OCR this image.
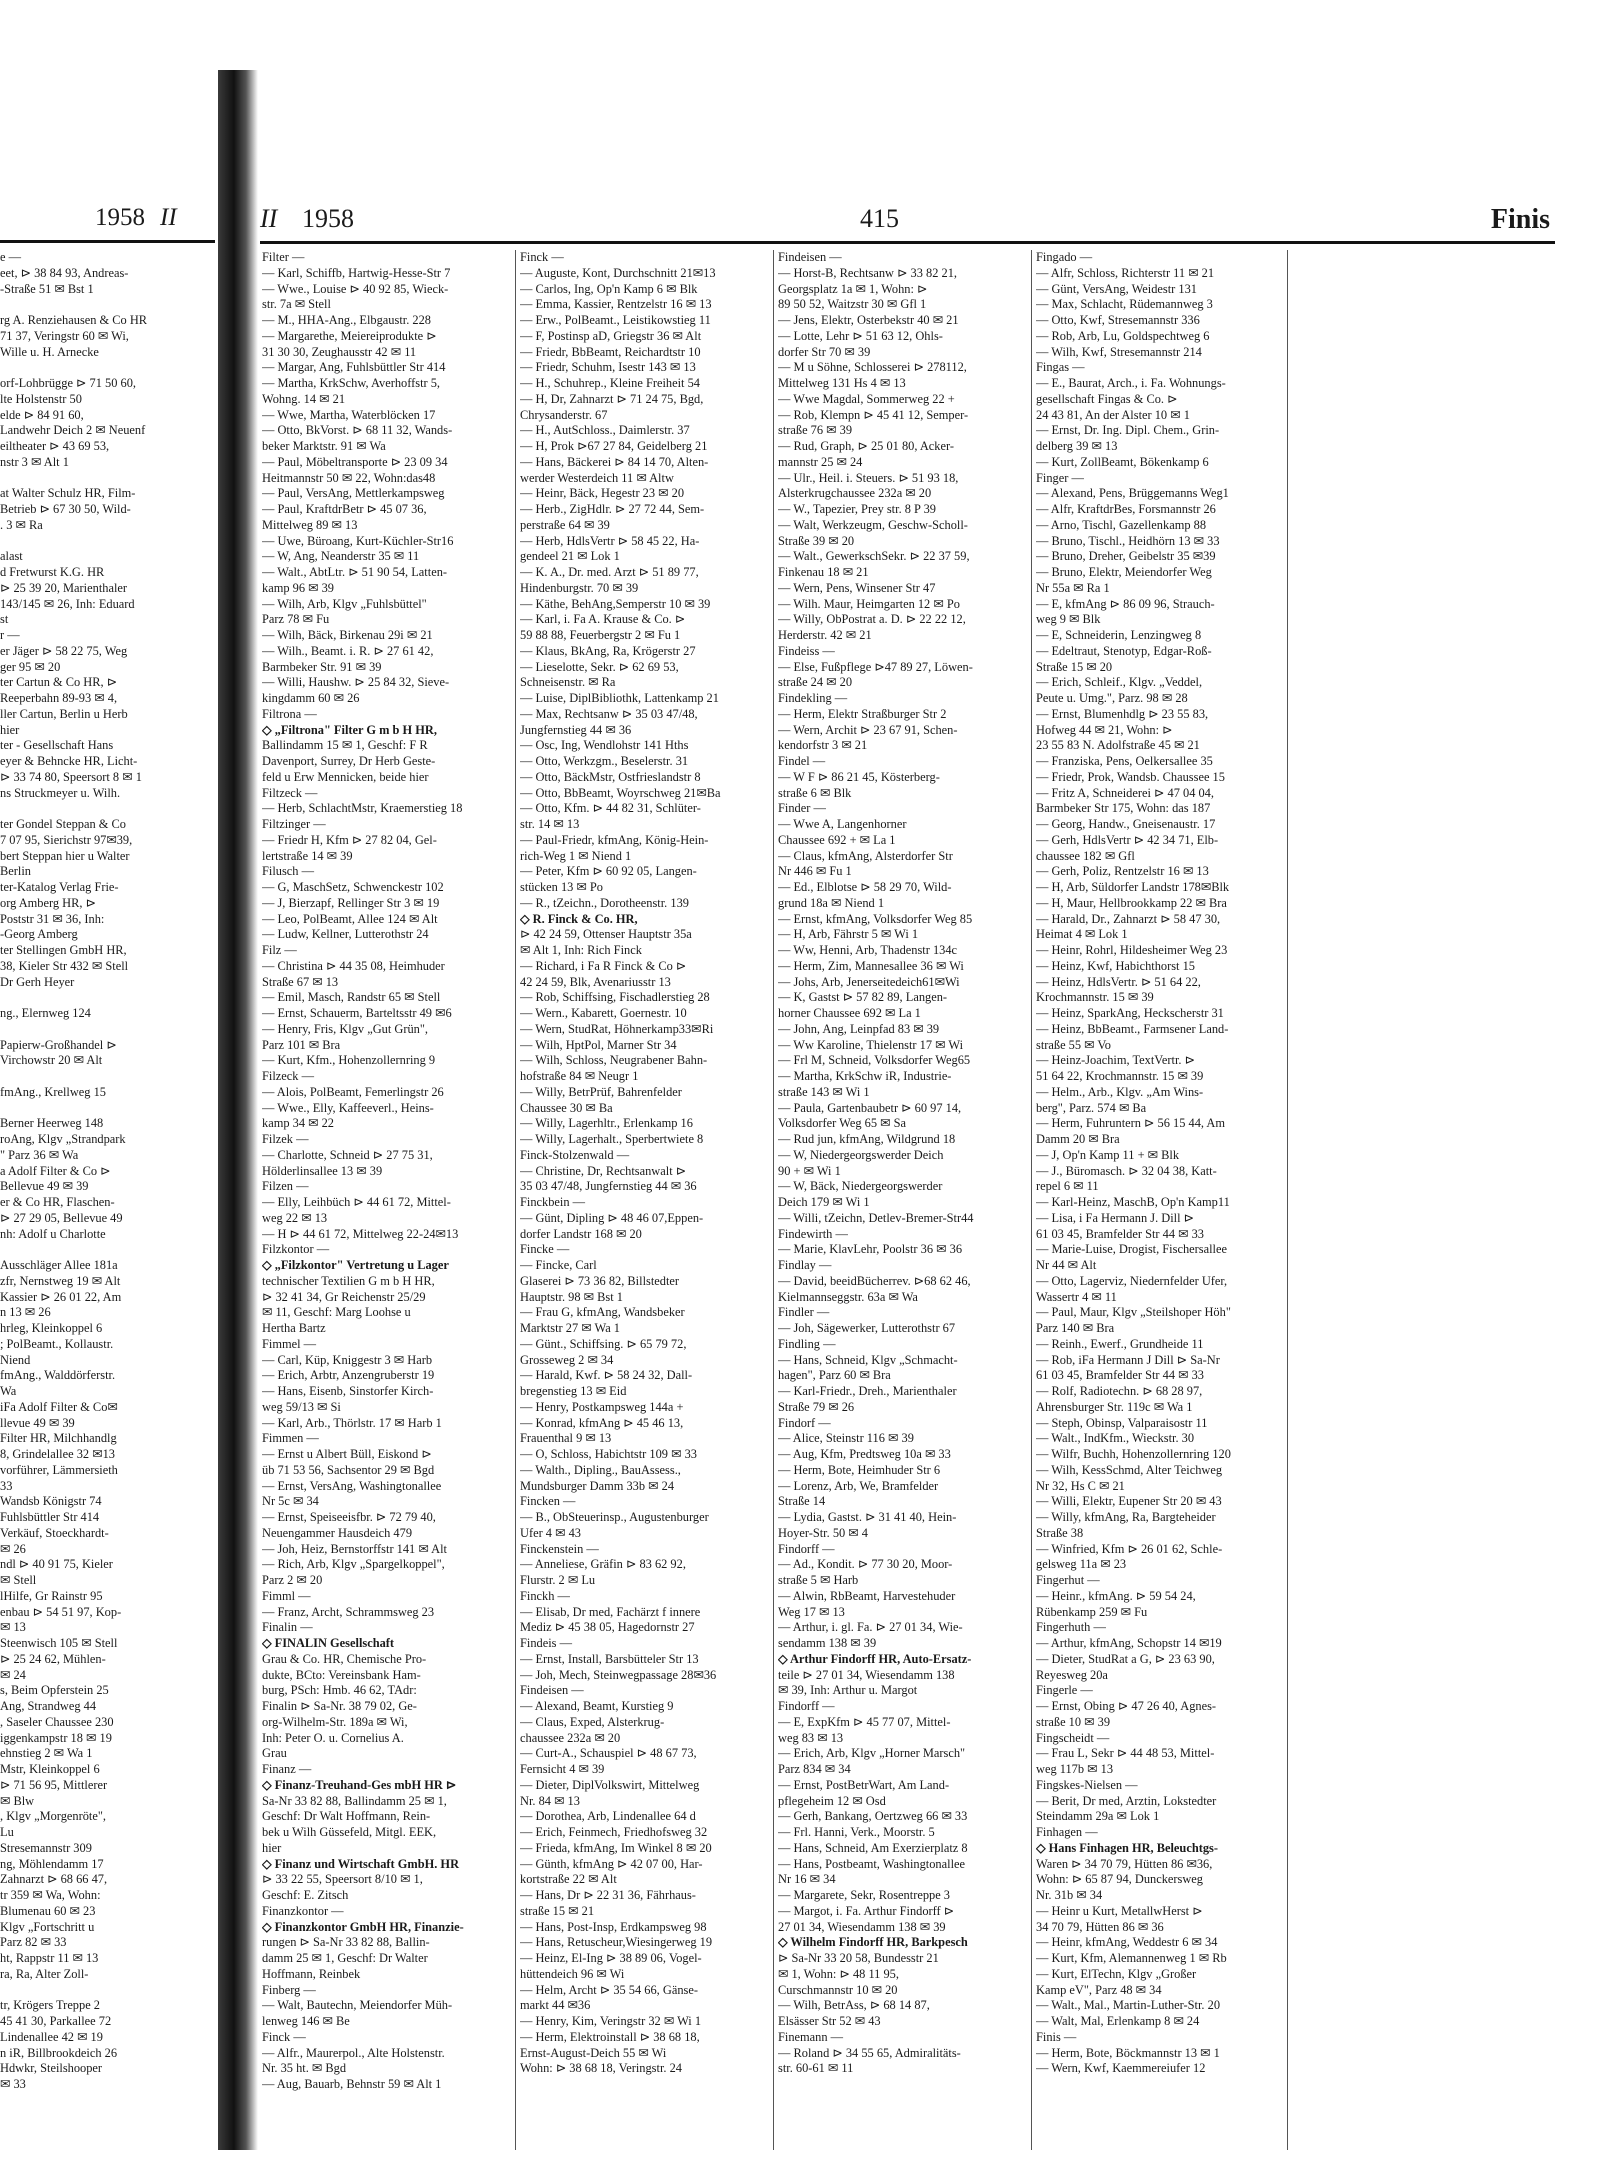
1958 II
e —
eet, ⊳ 38 84 93, Andreas-
-Straße 51 ✉ Bst 1
rg A. Renziehausen & Co HR
71 37, Veringstr 60 ✉ Wi,
Wille u. H. Arnecke
orf-Lohbrügge ⊳ 71 50 60,
lte Holstenstr 50
elde ⊳ 84 91 60,
Landwehr Deich 2 ✉ Neuenf
eiltheater ⊳ 43 69 53,
nstr 3 ✉ Alt 1
at Walter Schulz HR, Film-
Betrieb ⊳ 67 30 50, Wild-
. 3 ✉ Ra
alast
d Fretwurst K.G. HR
⊳ 25 39 20, Marienthaler
143/145 ✉ 26, Inh: Eduard
st
r —
er Jäger ⊳ 58 22 75, Weg
ger 95 ✉ 20
ter Cartun & Co HR, ⊳
Reeperbahn 89-93 ✉ 4,
ller Cartun, Berlin u Herb
hier
ter - Gesellschaft Hans
eyer & Behncke HR, Licht-
⊳ 33 74 80, Speersort 8 ✉ 1
ns Struckmeyer u. Wilh.
ter Gondel Steppan & Co
7 07 95, Sierichstr 97✉39,
bert Steppan hier u Walter
Berlin
ter-Katalog Verlag Frie-
org Amberg HR, ⊳
Poststr 31 ✉ 36, Inh:
-Georg Amberg
ter Stellingen GmbH HR,
38, Kieler Str 432 ✉ Stell
Dr Gerh Heyer
ng., Elernweg 124
Papierw-Großhandel ⊳
Virchowstr 20 ✉ Alt
fmAng., Krellweg 15
Berner Heerweg 148
roAng, Klgv „Strandpark
" Parz 36 ✉ Wa
a Adolf Filter & Co ⊳
Bellevue 49 ✉ 39
er & Co HR, Flaschen-
⊳ 27 29 05, Bellevue 49
nh: Adolf u Charlotte
Ausschläger Allee 181a
zfr, Nernstweg 19 ✉ Alt
Kassier ⊳ 26 01 22, Am
n 13 ✉ 26
hrleg, Kleinkoppel 6
; PolBeamt., Kollaustr.
Niend
fmAng., Walddörferstr.
Wa
iFa Adolf Filter & Co✉
llevue 49 ✉ 39
Filter HR, Milchhandlg
8, Grindelallee 32 ✉13
vorführer, Lämmersieth
33
Wandsb Königstr 74
Fuhlsbüttler Str 414
Verkäuf, Stoeckhardt-
✉ 26
ndl ⊳ 40 91 75, Kieler
✉ Stell
lHilfe, Gr Rainstr 95
enbau ⊳ 54 51 97, Kop-
✉ 13
Steenwisch 105 ✉ Stell
⊳ 25 24 62, Mühlen-
✉ 24
s, Beim Opferstein 25
Ang, Strandweg 44
, Saseler Chaussee 230
iggenkampstr 18 ✉ 19
ehnstieg 2 ✉ Wa 1
Mstr, Kleinkoppel 6
⊳ 71 56 95, Mittlerer
✉ Blw
, Klgv „Morgenröte",
Lu
Stresemannstr 309
ng, Möhlendamm 17
Zahnarzt ⊳ 68 66 47,
tr 359 ✉ Wa, Wohn:
Blumenau 60 ✉ 23
Klgv „Fortschritt u
Parz 82 ✉ 33
ht, Rappstr 11 ✉ 13
ra, Ra, Alter Zoll-
tr, Krögers Treppe 2
45 41 30, Parkallee 72
Lindenallee 42 ✉ 19
n iR, Billbrookdeich 26
Hdwkr, Steilshooper
✉ 33
II 1958	415	Finis
Filter —
— Karl, Schiffb, Hartwig-Hesse-Str 7
— Wwe., Louise ⊳ 40 92 85, Wieck-
str. 7a ✉ Stell
— M., HHA-Ang., Elbgaustr. 228
— Margarethe, Meiereiprodukte ⊳
31 30 30, Zeughausstr 42 ✉ 11
— Margar, Ang, Fuhlsbüttler Str 414
— Martha, KrkSchw, Averhoffstr 5,
Wohng. 14 ✉ 21
— Wwe, Martha, Waterblöcken 17
— Otto, BkVorst. ⊳ 68 11 32, Wands-
beker Marktstr. 91 ✉ Wa
— Paul, Möbeltransporte ⊳ 23 09 34
Heitmannstr 50 ✉ 22, Wohn:das48
— Paul, VersAng, Mettlerkampsweg
— Paul, KraftdrBetr ⊳ 45 07 36,
Mittelweg 89 ✉ 13
— Uwe, Büroang, Kurt-Küchler-Str16
— W, Ang, Neanderstr 35 ✉ 11
— Walt., AbtLtr. ⊳ 51 90 54, Latten-
kamp 96 ✉ 39
— Wilh, Arb, Klgv „Fuhlsbüttel"
Parz 78 ✉ Fu
— Wilh, Bäck, Birkenau 29i ✉ 21
— Wilh., Beamt. i. R. ⊳ 27 61 42,
Barmbeker Str. 91 ✉ 39
— Willi, Haushw. ⊳ 25 84 32, Sieve-
kingdamm 60 ✉ 26
Filtrona —
◇ „Filtrona" Filter G m b H HR,
Ballindamm 15 ✉ 1, Geschf: F R
Davenport, Surrey, Dr Herb Geste-
feld u Erw Mennicken, beide hier
Filtzeck —
— Herb, SchlachtMstr, Kraemerstieg 18
Filtzinger —
— Friedr H, Kfm ⊳ 27 82 04, Gel-
lertstraße 14 ✉ 39
Filusch —
— G, MaschSetz, Schwenckestr 102
— J, Bierzapf, Rellinger Str 3 ✉ 19
— Leo, PolBeamt, Allee 124 ✉ Alt
— Ludw, Kellner, Lutterothstr 24
Filz —
— Christina ⊳ 44 35 08, Heimhuder
Straße 67 ✉ 13
— Emil, Masch, Randstr 65 ✉ Stell
— Ernst, Schauerm, Barteltsstr 49 ✉6
— Henry, Fris, Klgv „Gut Grün",
Parz 101 ✉ Bra
— Kurt, Kfm., Hohenzollernring 9
Filzeck —
— Alois, PolBeamt, Femerlingstr 26
— Wwe., Elly, Kaffeeverl., Heins-
kamp 34 ✉ 22
Filzek —
— Charlotte, Schneid ⊳ 27 75 31,
Hölderlinsallee 13 ✉ 39
Filzen —
— Elly, Leihbüch ⊳ 44 61 72, Mittel-
weg 22 ✉ 13
— H ⊳ 44 61 72, Mittelweg 22-24✉13
Filzkontor —
◇ „Filzkontor" Vertretung u Lager
technischer Textilien G m b H HR,
⊳ 32 41 34, Gr Reichenstr 25/29
✉ 11, Geschf: Marg Loohse u
Hertha Bartz
Fimmel —
— Carl, Küp, Kniggestr 3 ✉ Harb
— Erich, Arbtr, Anzengruberstr 19
— Hans, Eisenb, Sinstorfer Kirch-
weg 59/13 ✉ Si
— Karl, Arb., Thörlstr. 17 ✉ Harb 1
Fimmen —
— Ernst u Albert Büll, Eiskond ⊳
üb 71 53 56, Sachsentor 29 ✉ Bgd
— Ernst, VersAng, Washingtonallee
Nr 5c ✉ 34
— Ernst, Speiseeisfbr. ⊳ 72 79 40,
Neuengammer Hausdeich 479
— Joh, Heiz, Bernstorffstr 141 ✉ Alt
— Rich, Arb, Klgv „Spargelkoppel",
Parz 2 ✉ 20
Fimml —
— Franz, Archt, Schrammsweg 23
Finalin —
◇ FINALIN Gesellschaft
Grau & Co. HR, Chemische Pro-
dukte, BCto: Vereinsbank Ham-
burg, PSch: Hmb. 46 62, TAdr:
Finalin ⊳ Sa-Nr. 38 79 02, Ge-
org-Wilhelm-Str. 189a ✉ Wi,
Inh: Peter O. u. Cornelius A.
Grau
Finanz —
◇ Finanz-Treuhand-Ges mbH HR ⊳
Sa-Nr 33 82 88, Ballindamm 25 ✉ 1,
Geschf: Dr Walt Hoffmann, Rein-
bek u Wilh Güssefeld, Mitgl. EEK,
hier
◇ Finanz und Wirtschaft GmbH. HR
⊳ 33 22 55, Speersort 8/10 ✉ 1,
Geschf: E. Zitsch
Finanzkontor —
◇ Finanzkontor GmbH HR, Finanzie-
rungen ⊳ Sa-Nr 33 82 88, Ballin-
damm 25 ✉ 1, Geschf: Dr Walter
Hoffmann, Reinbek
Finberg —
— Walt, Bautechn, Meiendorfer Müh-
lenweg 146 ✉ Be
Finck —
— Alfr., Maurerpol., Alte Holstenstr.
Nr. 35 ht. ✉ Bgd
— Aug, Bauarb, Behnstr 59 ✉ Alt 1
Finck —
— Auguste, Kont, Durchschnitt 21✉13
— Carlos, Ing, Op'n Kamp 6 ✉ Blk
— Emma, Kassier, Rentzelstr 16 ✉ 13
— Erw., PolBeamt., Leistikowstieg 11
— F, Postinsp aD, Griegstr 36 ✉ Alt
— Friedr, BbBeamt, Reichardtstr 10
— Friedr, Schuhm, Isestr 143 ✉ 13
— H., Schuhrep., Kleine Freiheit 54
— H, Dr, Zahnarzt ⊳ 71 24 75, Bgd,
Chrysanderstr. 67
— H., AutSchloss., Daimlerstr. 37
— H, Prok ⊳67 27 84, Geidelberg 21
— Hans, Bäckerei ⊳ 84 14 70, Alten-
werder Westerdeich 11 ✉ Altw
— Heinr, Bäck, Hegestr 23 ✉ 20
— Herb., ZigHdlr. ⊳ 27 72 44, Sem-
perstraße 64 ✉ 39
— Herb, HdlsVertr ⊳ 58 45 22, Ha-
gendeel 21 ✉ Lok 1
— K. A., Dr. med. Arzt ⊳ 51 89 77,
Hindenburgstr. 70 ✉ 39
— Käthe, BehAng,Semperstr 10 ✉ 39
— Karl, i. Fa A. Krause & Co. ⊳
59 88 88, Feuerbergstr 2 ✉ Fu 1
— Klaus, BkAng, Ra, Krögerstr 27
— Lieselotte, Sekr. ⊳ 62 69 53,
Schneisenstr. ✉ Ra
— Luise, DiplBibliothk, Lattenkamp 21
— Max, Rechtsanw ⊳ 35 03 47/48,
Jungfernstieg 44 ✉ 36
— Osc, Ing, Wendlohstr 141 Hths
— Otto, Werkzgm., Beselerstr. 31
— Otto, BäckMstr, Ostfrieslandstr 8
— Otto, BbBeamt, Woyrschweg 21✉Ba
— Otto, Kfm. ⊳ 44 82 31, Schlüter-
str. 14 ✉ 13
— Paul-Friedr, kfmAng, König-Hein-
rich-Weg 1 ✉ Niend 1
— Peter, Kfm ⊳ 60 92 05, Langen-
stücken 13 ✉ Po
— R., tZeichn., Dorotheenstr. 139
◇ R. Finck & Co. HR,
⊳ 42 24 59, Ottenser Hauptstr 35a
✉ Alt 1, Inh: Rich Finck
— Richard, i Fa R Finck & Co ⊳
42 24 59, Blk, Avenariusstr 13
— Rob, Schiffsing, Fischadlerstieg 28
— Wern., Kabarett, Goernestr. 10
— Wern, StudRat, Höhnerkamp33✉Ri
— Wilh, HptPol, Marner Str 34
— Wilh, Schloss, Neugrabener Bahn-
hofstraße 84 ✉ Neugr 1
— Willy, BetrPrüf, Bahrenfelder
Chaussee 30 ✉ Ba
— Willy, Lagerhltr., Erlenkamp 16
— Willy, Lagerhalt., Sperbertwiete 8
Finck-Stolzenwald —
— Christine, Dr, Rechtsanwalt ⊳
35 03 47/48, Jungfernstieg 44 ✉ 36
Finckbein —
— Günt, Dipling ⊳ 48 46 07,Eppen-
dorfer Landstr 168 ✉ 20
Fincke —
— Fincke, Carl
Glaserei ⊳ 73 36 82, Billstedter
Hauptstr. 98 ✉ Bst 1
— Frau G, kfmAng, Wandsbeker
Marktstr 27 ✉ Wa 1
— Günt., Schiffsing. ⊳ 65 79 72,
Grosseweg 2 ✉ 34
— Harald, Kwf. ⊳ 58 24 32, Dall-
bregenstieg 13 ✉ Eid
— Henry, Postkampsweg 144a +
— Konrad, kfmAng ⊳ 45 46 13,
Frauenthal 9 ✉ 13
— O, Schloss, Habichtstr 109 ✉ 33
— Walth., Dipling., BauAssess.,
Mundsburger Damm 33b ✉ 24
Fincken —
— B., ObSteuerinsp., Augustenburger
Ufer 4 ✉ 43
Finckenstein —
— Anneliese, Gräfin ⊳ 83 62 92,
Flurstr. 2 ✉ Lu
Finckh —
— Elisab, Dr med, Fachärzt f innere
Mediz ⊳ 45 38 05, Hagedornstr 27
Findeis —
— Ernst, Install, Barsbütteler Str 13
— Joh, Mech, Steinwegpassage 28✉36
Findeisen —
— Alexand, Beamt, Kurstieg 9
— Claus, Exped, Alsterkrug-
chaussee 232a ✉ 20
— Curt-A., Schauspiel ⊳ 48 67 73,
Fernsicht 4 ✉ 39
— Dieter, DiplVolkswirt, Mittelweg
Nr. 84 ✉ 13
— Dorothea, Arb, Lindenallee 64 d
— Erich, Feinmech, Friedhofsweg 32
— Frieda, kfmAng, Im Winkel 8 ✉ 20
— Günth, kfmAng ⊳ 42 07 00, Har-
kortstraße 22 ✉ Alt
— Hans, Dr ⊳ 22 31 36, Fährhaus-
straße 15 ✉ 21
— Hans, Post-Insp, Erdkampsweg 98
— Hans, Retuscheur,Wiesingerweg 19
— Heinz, El-Ing ⊳ 38 89 06, Vogel-
hüttendeich 96 ✉ Wi
— Helm, Archt ⊳ 35 54 66, Gänse-
markt 44 ✉36
— Henry, Kim, Veringstr 32 ✉ Wi 1
— Herm, Elektroinstall ⊳ 38 68 18,
Ernst-August-Deich 55 ✉ Wi
Wohn: ⊳ 38 68 18, Veringstr. 24
Findeisen —
— Horst-B, Rechtsanw ⊳ 33 82 21,
Georgsplatz 1a ✉ 1, Wohn: ⊳
89 50 52, Waitzstr 30 ✉ Gfl 1
— Jens, Elektr, Osterbekstr 40 ✉ 21
— Lotte, Lehr ⊳ 51 63 12, Ohls-
dorfer Str 70 ✉ 39
— M u Söhne, Schlosserei ⊳ 278112,
Mittelweg 131 Hs 4 ✉ 13
— Wwe Magdal, Sommerweg 22 +
— Rob, Klempn ⊳ 45 41 12, Semper-
straße 76 ✉ 39
— Rud, Graph, ⊳ 25 01 80, Acker-
mannstr 25 ✉ 24
— Ulr., Heil. i. Steuers. ⊳ 51 93 18,
Alsterkrugchaussee 232a ✉ 20
— W., Tapezier, Prey str. 8 P 39
— Walt, Werkzeugm, Geschw-Scholl-
Straße 39 ✉ 20
— Walt., GewerkschSekr. ⊳ 22 37 59,
Finkenau 18 ✉ 21
— Wern, Pens, Winsener Str 47
— Wilh. Maur, Heimgarten 12 ✉ Po
— Willy, ObPostrat a. D. ⊳ 22 22 12,
Herderstr. 42 ✉ 21
Findeiss —
— Else, Fußpflege ⊳47 89 27, Löwen-
straße 24 ✉ 20
Findekling —
— Herm, Elektr Straßburger Str 2
— Wern, Archit ⊳ 23 67 91, Schen-
kendorfstr 3 ✉ 21
Findel —
— W F ⊳ 86 21 45, Kösterberg-
straße 6 ✉ Blk
Finder —
— Wwe A, Langenhorner
Chaussee 692 + ✉ La 1
— Claus, kfmAng, Alsterdorfer Str
Nr 446 ✉ Fu 1
— Ed., Elblotse ⊳ 58 29 70, Wild-
grund 18a ✉ Niend 1
— Ernst, kfmAng, Volksdorfer Weg 85
— H, Arb, Fährstr 5 ✉ Wi 1
— Ww, Henni, Arb, Thadenstr 134c
— Herm, Zim, Mannesallee 36 ✉ Wi
— Johs, Arb, Jenerseitedeich61✉Wi
— K, Gastst ⊳ 57 82 89, Langen-
horner Chaussee 692 ✉ La 1
— John, Ang, Leinpfad 83 ✉ 39
— Ww Karoline, Thielenstr 17 ✉ Wi
— Frl M, Schneid, Volksdorfer Weg65
— Martha, KrkSchw iR, Industrie-
straße 143 ✉ Wi 1
— Paula, Gartenbaubetr ⊳ 60 97 14,
Volksdorfer Weg 65 ✉ Sa
— Rud jun, kfmAng, Wildgrund 18
— W, Niedergeorgswerder Deich
90 + ✉ Wi 1
— W, Bäck, Niedergeorgswerder
Deich 179 ✉ Wi 1
— Willi, tZeichn, Detlev-Bremer-Str44
Findewirth —
— Marie, KlavLehr, Poolstr 36 ✉ 36
Findlay —
— David, beeidBücherrev. ⊳68 62 46,
Kielmannseggstr. 63a ✉ Wa
Findler —
— Joh, Sägewerker, Lutterothstr 67
Findling —
— Hans, Schneid, Klgv „Schmacht-
hagen", Parz 60 ✉ Bra
— Karl-Friedr., Dreh., Marienthaler
Straße 79 ✉ 26
Findorf —
— Alice, Steinstr 116 ✉ 39
— Aug, Kfm, Predtsweg 10a ✉ 33
— Herm, Bote, Heimhuder Str 6
— Lorenz, Arb, We, Bramfelder
Straße 14
— Lydia, Gastst. ⊳ 31 41 40, Hein-
Hoyer-Str. 50 ✉ 4
Findorff —
— Ad., Kondit. ⊳ 77 30 20, Moor-
straße 5 ✉ Harb
— Alwin, RbBeamt, Harvestehuder
Weg 17 ✉ 13
— Arthur, i. gl. Fa. ⊳ 27 01 34, Wie-
sendamm 138 ✉ 39
◇ Arthur Findorff HR, Auto-Ersatz-
teile ⊳ 27 01 34, Wiesendamm 138
✉ 39, Inh: Arthur u. Margot
Findorff —
— E, ExpKfm ⊳ 45 77 07, Mittel-
weg 83 ✉ 13
— Erich, Arb, Klgv „Horner Marsch"
Parz 834 ✉ 34
— Ernst, PostBetrWart, Am Land-
pflegeheim 12 ✉ Osd
— Gerh, Bankang, Oertzweg 66 ✉ 33
— Frl. Hanni, Verk., Moorstr. 5
— Hans, Schneid, Am Exerzierplatz 8
— Hans, Postbeamt, Washingtonallee
Nr 16 ✉ 34
— Margarete, Sekr, Rosentreppe 3
— Margot, i. Fa. Arthur Findorff ⊳
27 01 34, Wiesendamm 138 ✉ 39
◇ Wilhelm Findorff HR, Barkpesch
⊳ Sa-Nr 33 20 58, Bundesstr 21
✉ 1, Wohn: ⊳ 48 11 95,
Curschmannstr 10 ✉ 20
— Wilh, BetrAss, ⊳ 68 14 87,
Elsässer Str 52 ✉ 43
Finemann —
— Roland ⊳ 34 55 65, Admiralitäts-
str. 60-61 ✉ 11
Fingado —
— Alfr, Schloss, Richterstr 11 ✉ 21
— Günt, VersAng, Weidestr 131
— Max, Schlacht, Rüdemannweg 3
— Otto, Kwf, Stresemannstr 336
— Rob, Arb, Lu, Goldspechtweg 6
— Wilh, Kwf, Stresemannstr 214
Fingas —
— E., Baurat, Arch., i. Fa. Wohnungs-
gesellschaft Fingas & Co. ⊳
24 43 81, An der Alster 10 ✉ 1
— Ernst, Dr. Ing. Dipl. Chem., Grin-
delberg 39 ✉ 13
— Kurt, ZollBeamt, Bökenkamp 6
Finger —
— Alexand, Pens, Brüggemanns Weg1
— Alfr, KraftdrBes, Forsmannstr 26
— Arno, Tischl, Gazellenkamp 88
— Bruno, Tischl., Heidhörn 13 ✉ 33
— Bruno, Dreher, Geibelstr 35 ✉39
— Bruno, Elektr, Meiendorfer Weg
Nr 55a ✉ Ra 1
— E, kfmAng ⊳ 86 09 96, Strauch-
weg 9 ✉ Blk
— E, Schneiderin, Lenzingweg 8
— Edeltraut, Stenotyp, Edgar-Roß-
Straße 15 ✉ 20
— Erich, Schleif., Klgv. „Veddel,
Peute u. Umg.", Parz. 98 ✉ 28
— Ernst, Blumenhdlg ⊳ 23 55 83,
Hofweg 44 ✉ 21, Wohn: ⊳
23 55 83 N. Adolfstraße 45 ✉ 21
— Franziska, Pens, Oelkersallee 35
— Friedr, Prok, Wandsb. Chaussee 15
— Fritz A, Schneiderei ⊳ 47 04 04,
Barmbeker Str 175, Wohn: das 187
— Georg, Handw., Gneisenaustr. 17
— Gerh, HdlsVertr ⊳ 42 34 71, Elb-
chaussee 182 ✉ Gfl
— Gerh, Poliz, Rentzelstr 16 ✉ 13
— H, Arb, Süldorfer Landstr 178✉Blk
— H, Maur, Hellbrookkamp 22 ✉ Bra
— Harald, Dr., Zahnarzt ⊳ 58 47 30,
Heimat 4 ✉ Lok 1
— Heinr, Rohrl, Hildesheimer Weg 23
— Heinz, Kwf, Habichthorst 15
— Heinz, HdlsVertr. ⊳ 51 64 22,
Krochmannstr. 15 ✉ 39
— Heinz, SparkAng, Heckscherstr 31
— Heinz, BbBeamt., Farmsener Land-
straße 55 ✉ Vo
— Heinz-Joachim, TextVertr. ⊳
51 64 22, Krochmannstr. 15 ✉ 39
— Helm., Arb., Klgv. „Am Wins-
berg", Parz. 574 ✉ Ba
— Herm, Fuhruntern ⊳ 56 15 44, Am
Damm 20 ✉ Bra
— J, Op'n Kamp 11 + ✉ Blk
— J., Büromasch. ⊳ 32 04 38, Katt-
repel 6 ✉ 11
— Karl-Heinz, MaschB, Op'n Kamp11
— Lisa, i Fa Hermann J. Dill ⊳
61 03 45, Bramfelder Str 44 ✉ 33
— Marie-Luise, Drogist, Fischersallee
Nr 44 ✉ Alt
— Otto, Lagerviz, Niedernfelder Ufer,
Wassertr 4 ✉ 11
— Paul, Maur, Klgv „Steilshoper Höh"
Parz 140 ✉ Bra
— Reinh., Ewerf., Grundheide 11
— Rob, iFa Hermann J Dill ⊳ Sa-Nr
61 03 45, Bramfelder Str 44 ✉ 33
— Rolf, Radiotechn. ⊳ 68 28 97,
Ahrensburger Str. 119c ✉ Wa 1
— Steph, Obinsp, Valparaisostr 11
— Walt., IndKfm., Wieckstr. 30
— Wilfr, Buchh, Hohenzollernring 120
— Wilh, KessSchmd, Alter Teichweg
Nr 32, Hs C ✉ 21
— Willi, Elektr, Eupener Str 20 ✉ 43
— Willy, kfmAng, Ra, Bargteheider
Straße 38
— Winfried, Kfm ⊳ 26 01 62, Schle-
gelsweg 11a ✉ 23
Fingerhut —
— Heinr., kfmAng. ⊳ 59 54 24,
Rübenkamp 259 ✉ Fu
Fingerhuth —
— Arthur, kfmAng, Schopstr 14 ✉19
— Dieter, StudRat a G, ⊳ 23 63 90,
Reyesweg 20a
Fingerle —
— Ernst, Obing ⊳ 47 26 40, Agnes-
straße 10 ✉ 39
Fingscheidt —
— Frau L, Sekr ⊳ 44 48 53, Mittel-
weg 117b ✉ 13
Fingskes-Nielsen —
— Berit, Dr med, Arztin, Lokstedter
Steindamm 29a ✉ Lok 1
Finhagen —
◇ Hans Finhagen HR, Beleuchtgs-
Waren ⊳ 34 70 79, Hütten 86 ✉36,
Wohn: ⊳ 65 87 94, Dunckersweg
Nr. 31b ✉ 34
— Heinr u Kurt, MetallwHerst ⊳
34 70 79, Hütten 86 ✉ 36
— Heinr, kfmAng, Weddestr 6 ✉ 34
— Kurt, Kfm, Alemannenweg 1 ✉ Rb
— Kurt, ElTechn, Klgv „Großer
Kamp eV", Parz 48 ✉ 34
— Walt., Mal., Martin-Luther-Str. 20
— Walt, Mal, Erlenkamp 8 ✉ 24
Finis —
— Herm, Bote, Böckmannstr 13 ✉ 1
— Wern, Kwf, Kaemmereiufer 12
